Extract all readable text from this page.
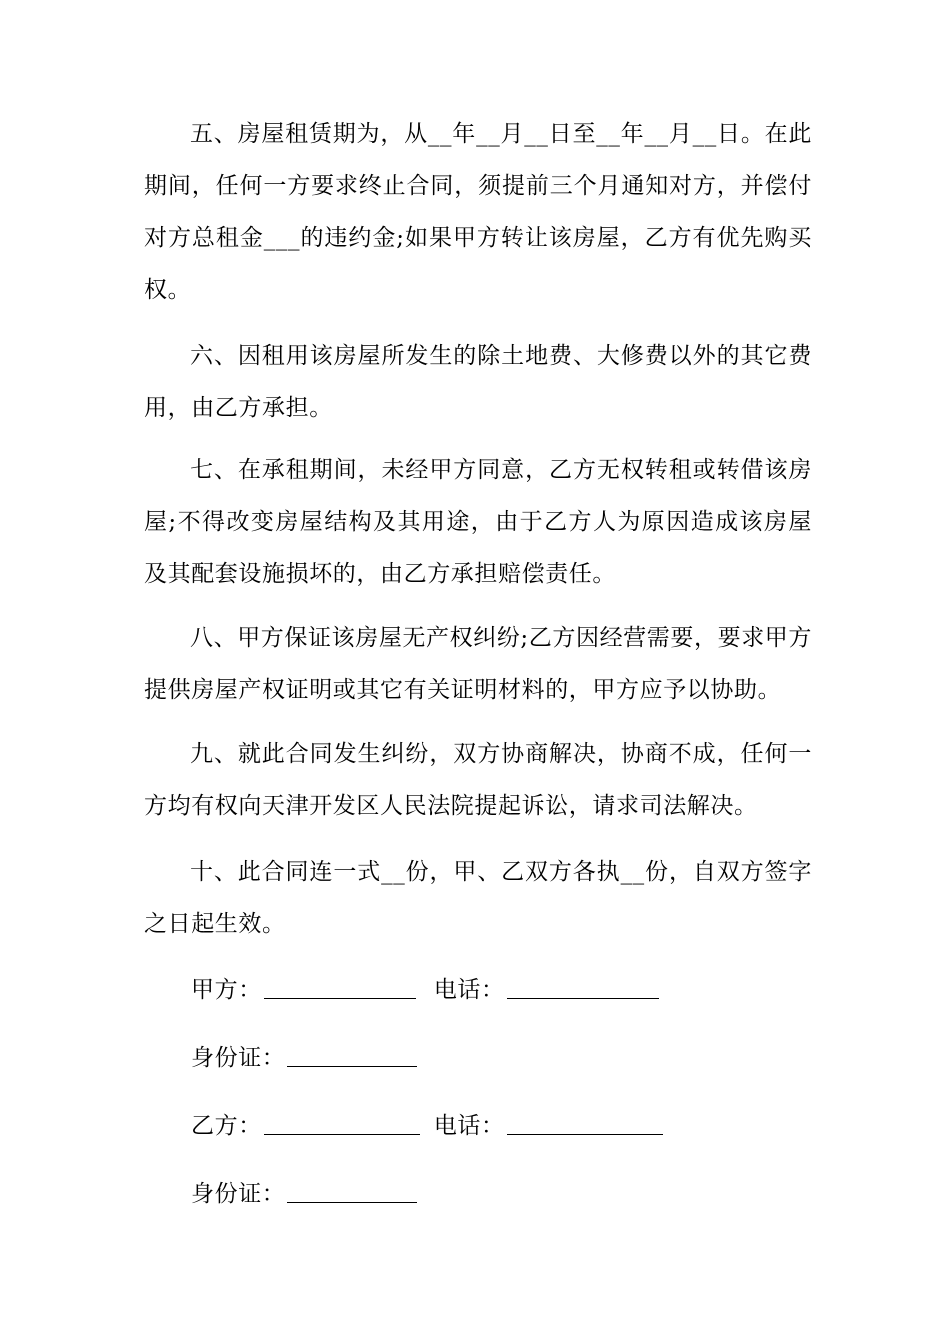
五、房屋租赁期为，从__年__月__日至__年__月__日。在此期间，任何一方要求终止合同，须提前三个月通知对方，并偿付对方总租金___的违约金;如果甲方转让该房屋，乙方有优先购买权。

六、因租用该房屋所发生的除土地费、大修费以外的其它费用，由乙方承担。

七、在承租期间，未经甲方同意，乙方无权转租或转借该房屋;不得改变房屋结构及其用途，由于乙方人为原因造成该房屋及其配套设施损坏的，由乙方承担赔偿责任。

八、甲方保证该房屋无产权纠纷;乙方因经营需要，要求甲方提供房屋产权证明或其它有关证明材料的，甲方应予以协助。

九、就此合同发生纠纷，双方协商解决，协商不成，任何一方均有权向天津开发区人民法院提起诉讼，请求司法解决。

十、此合同连一式__份，甲、乙双方各执__份，自双方签字之日起生效。

甲方：	电话：
身份证：
乙方：	电话：
身份证：
